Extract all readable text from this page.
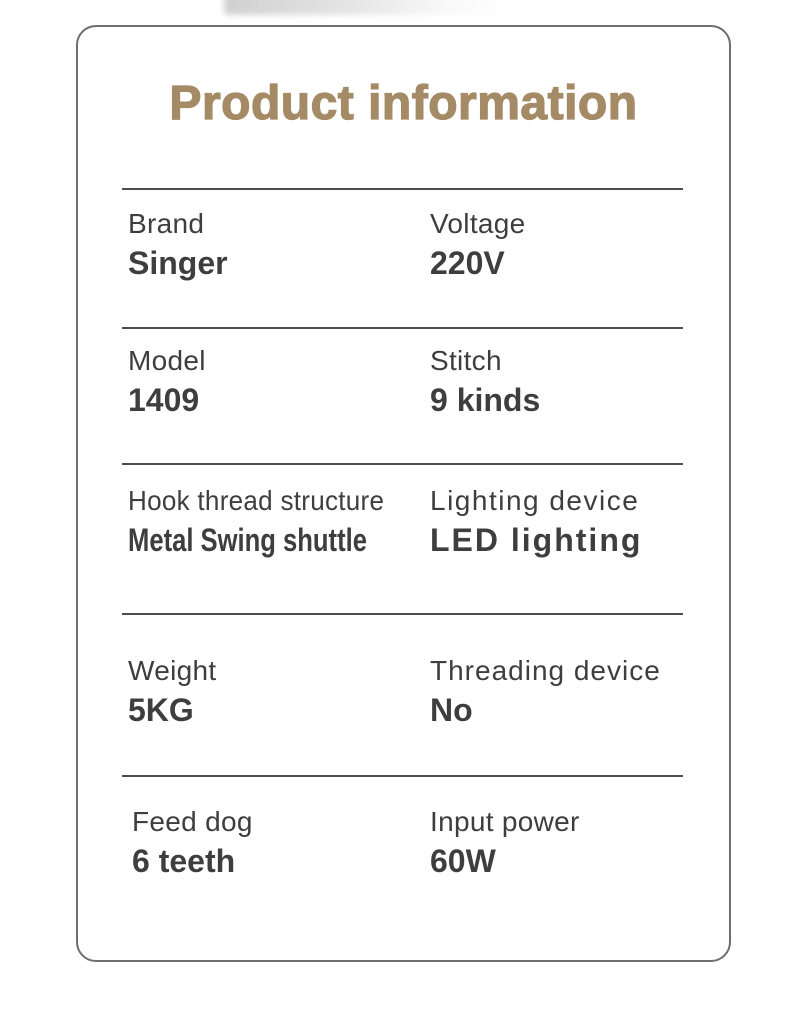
Product information
Brand
Singer
Voltage
220V
Model
1409
Stitch
9 kinds
Hook thread structure
Metal Swing shuttle
Lighting device
LED lighting
Weight
5KG
Threading device
No
Feed dog
6 teeth
Input power
60W
